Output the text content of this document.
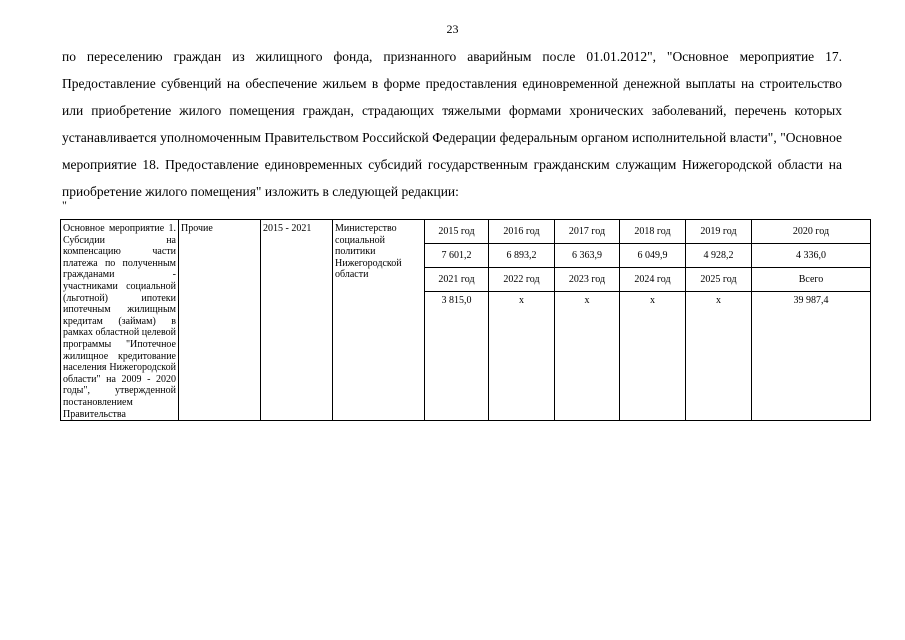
23
по переселению граждан из жилищного фонда, признанного аварийным после 01.01.2012", "Основное мероприятие 17. Предоставление субвенций на обеспечение жильем в форме предоставления единовременной денежной выплаты на строительство или приобретение жилого помещения граждан, страдающих тяжелыми формами хронических заболеваний, перечень которых устанавливается уполномоченным Правительством Российской Федерации федеральным органом исполнительной власти", "Основное мероприятие 18. Предоставление единовременных субсидий государственным гражданским служащим Нижегородской области на приобретение жилого помещения" изложить в следующей редакции:
"
Основное мероприятие 1. Субсидии на компенсацию части платежа по полученным гражданами - участниками социальной (льготной) ипотеки ипотечным жилищным кредитам (займам) в рамках областной целевой программы "Ипотечное жилищное кредитование населения Нижегородской области" на 2009 - 2020 годы", утвержденной постановлением Правительства	Прочие	2015 - 2021	Министерство социальной политики Нижегородской области	2015 год	2016 год	2017 год	2018 год	2019 год	2020 год
				7 601,2	6 893,2	6 363,9	6 049,9	4 928,2	4 336,0
				2021 год	2022 год	2023 год	2024 год	2025 год	Всего

				3 815,0	x	x	x	x	39 987,4
